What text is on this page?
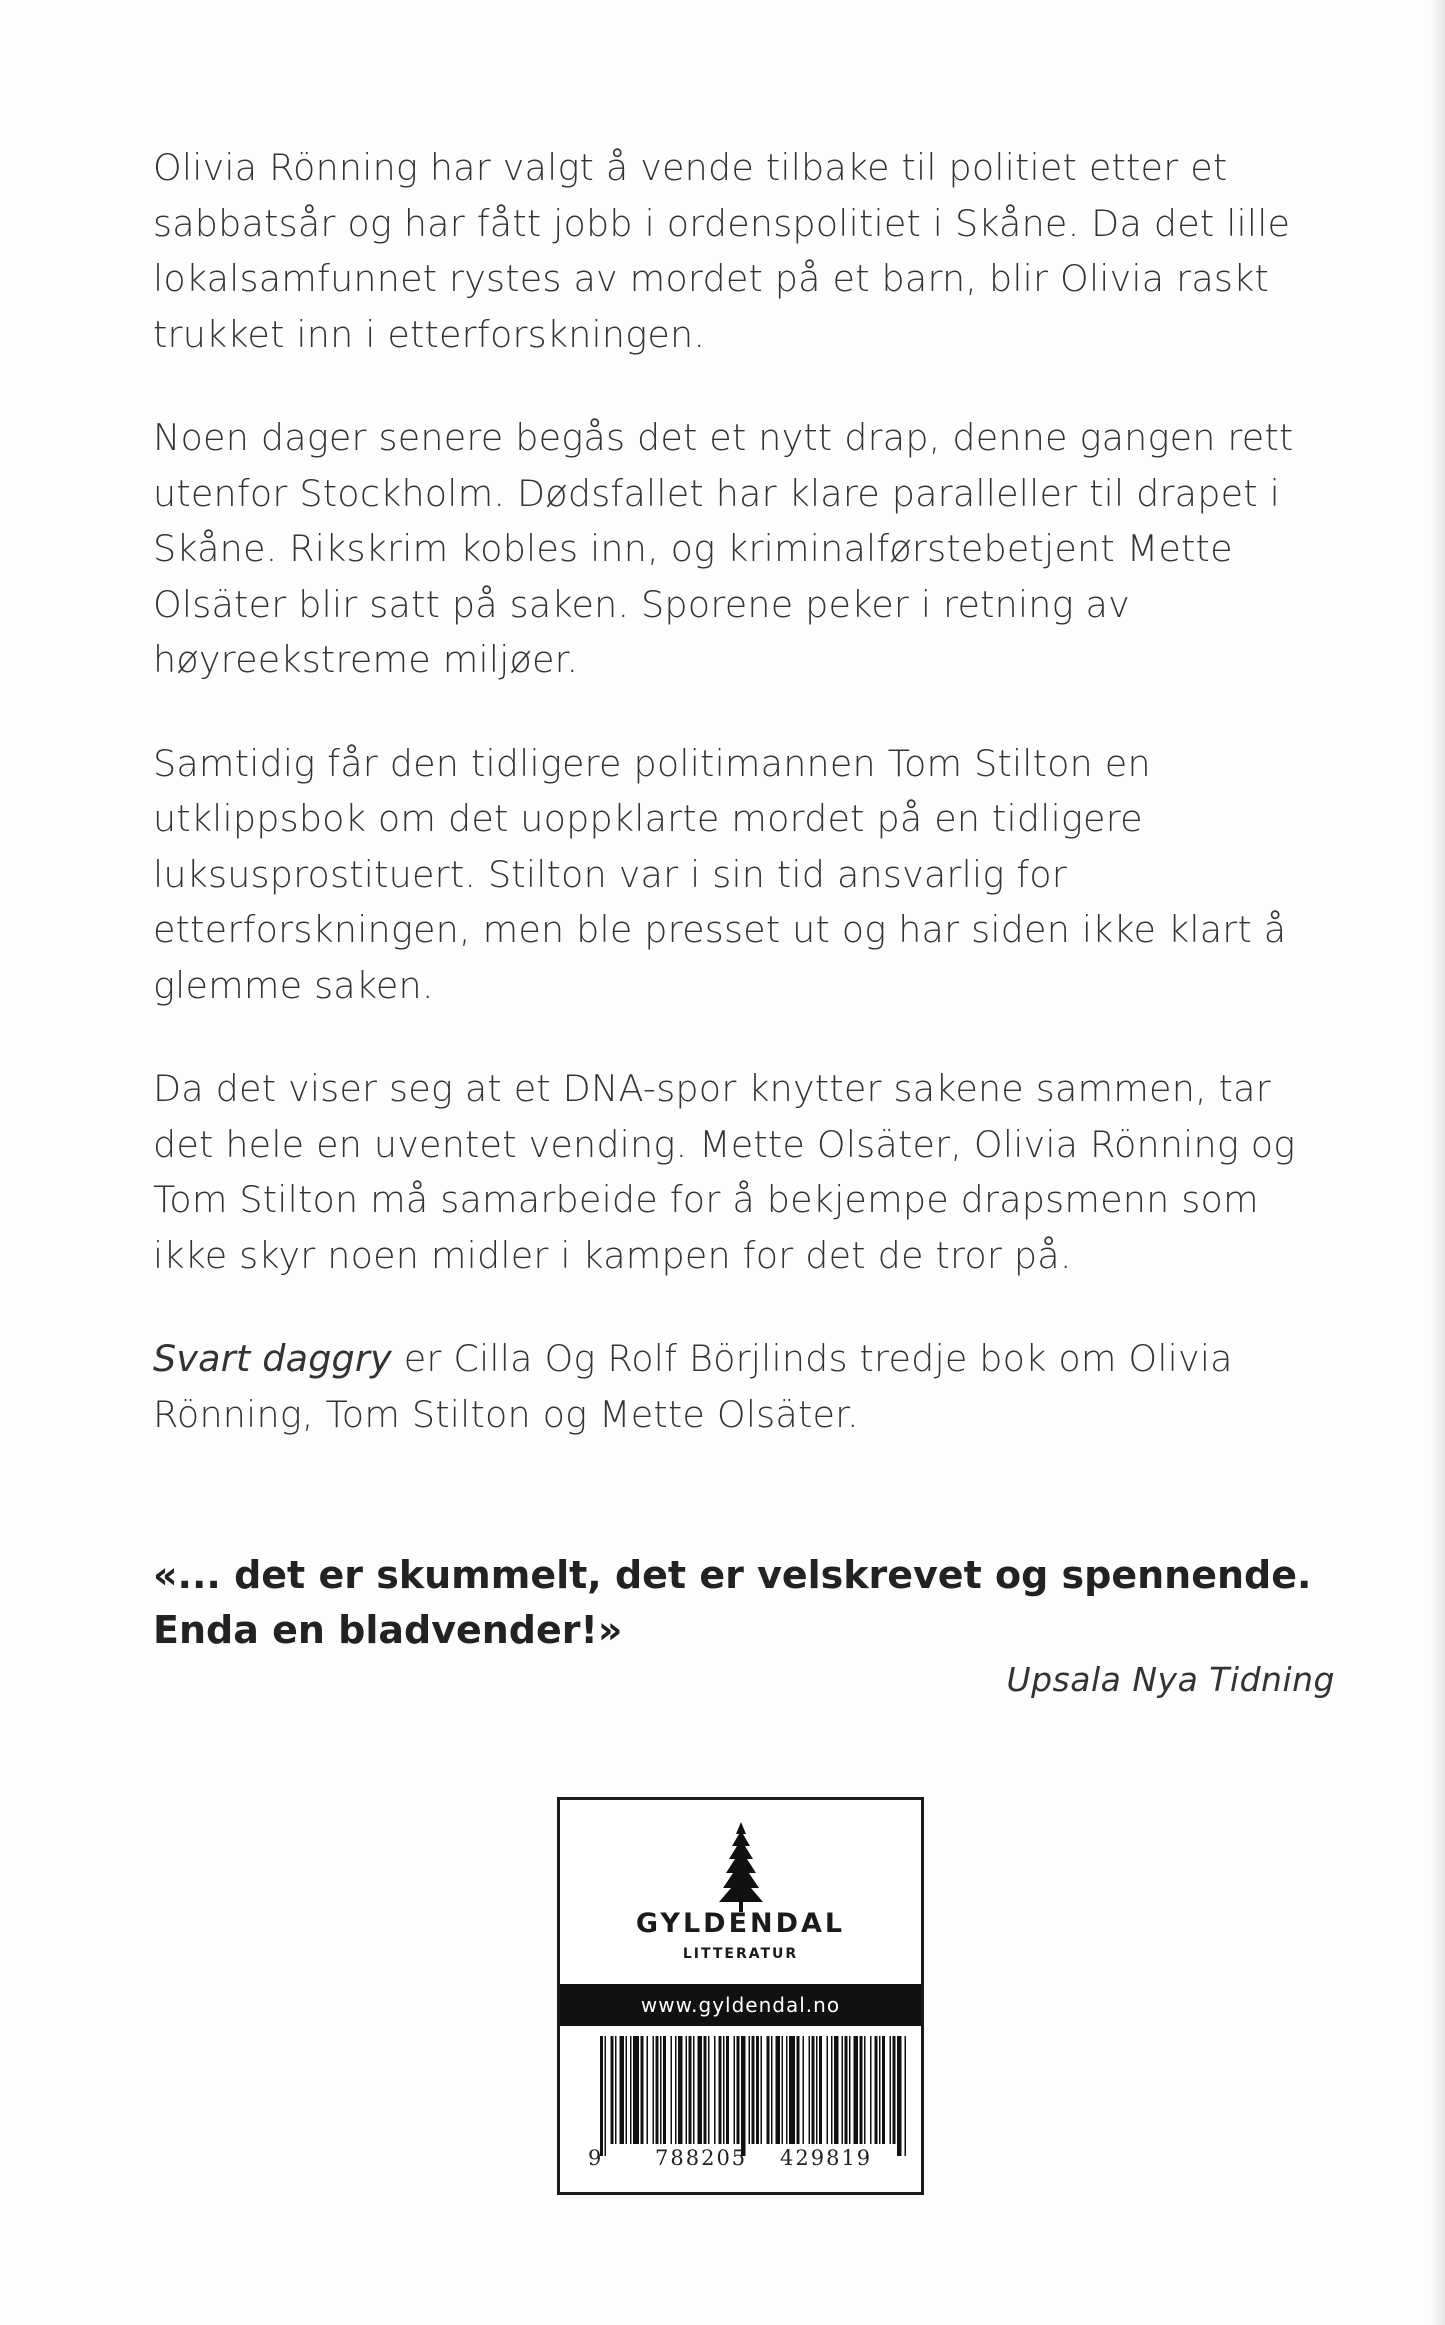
Olivia Rönning har valgt å vende tilbake til politiet etter et sabbatsår og har fått jobb i ordenspolitiet i Skåne. Da det lille lokalsamfunnet rystes av mordet på et barn, blir Olivia raskt trukket inn i etterforskningen.

Noen dager senere begås det et nytt drap, denne gangen rett utenfor Stockholm. Dødsfallet har klare paralleller til drapet i Skåne. Rikskrim kobles inn, og kriminalførstebetjent Mette Olsäter blir satt på saken. Sporene peker i retning av høyreekstreme miljøer.

Samtidig får den tidligere politimannen Tom Stilton en utklippsbok om det uoppklarte mordet på en tidligere luksusprostituert. Stilton var i sin tid ansvarlig for etterforskningen, men ble presset ut og har siden ikke klart å glemme saken.

Da det viser seg at et DNA-spor knytter sakene sammen, tar det hele en uventet vending. Mette Olsäter, Olivia Rönning og Tom Stilton må samarbeide for å bekjempe drapsmenn som ikke skyr noen midler i kampen for det de tror på.

Svart daggry er Cilla Og Rolf Börjlinds tredje bok om Olivia Rönning, Tom Stilton og Mette Olsäter.

«... det er skummelt, det er velskrevet og spennende.
Enda en bladvender!»
Upsala Nya Tidning
GYLDENDAL
LITTERATUR
www.gyldendal.no
9	788205 429819
